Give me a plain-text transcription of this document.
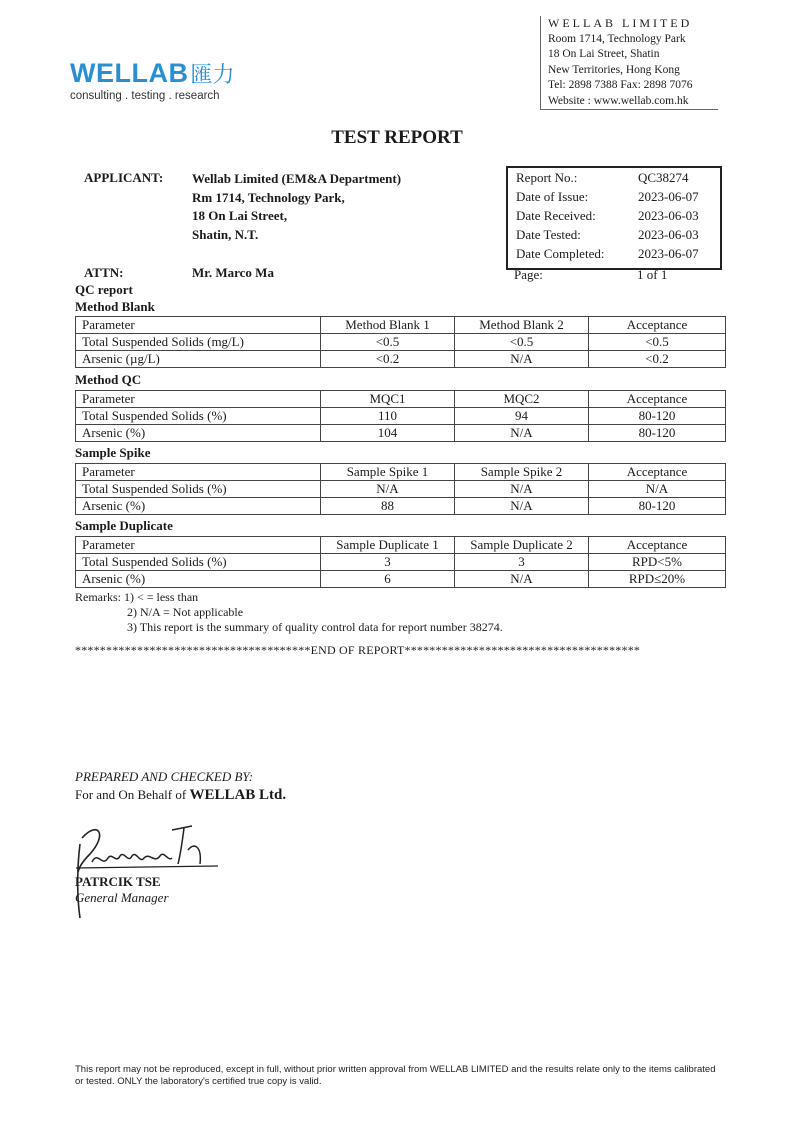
WELLAB匯力
consulting . testing . research
WELLAB LIMITED
Room 1714, Technology Park
18 On Lai Street, Shatin
New Territories, Hong Kong
Tel: 2898 7388 Fax: 2898 7076
Website : www.wellab.com.hk
TEST REPORT
APPLICANT: Wellab Limited (EM&A Department)
Rm 1714, Technology Park,
18 On Lai Street,
Shatin, N.T.
Report No.:	QC38274
Date of Issue:	2023-06-07
Date Received:	2023-06-03
Date Tested:	2023-06-03
Date Completed:	2023-06-07
Page:	1 of 1
ATTN:	Mr. Marco Ma
QC report
Method Blank
Parameter	Method Blank 1	Method Blank 2	Acceptance
Total Suspended Solids (mg/L)	<0.5	<0.5	<0.5
Arsenic (µg/L)	<0.2	N/A	<0.2
Method QC
Parameter	MQC1	MQC2	Acceptance
Total Suspended Solids (%)	110	94	80-120
Arsenic (%)	104	N/A	80-120
Sample Spike
Parameter	Sample Spike 1	Sample Spike 2	Acceptance
Total Suspended Solids (%)	N/A	N/A	N/A
Arsenic (%)	88	N/A	80-120
Sample Duplicate
Parameter	Sample Duplicate 1	Sample Duplicate 2	Acceptance
Total Suspended Solids (%)	3	3	RPD<5%
Arsenic (%)	6	N/A	RPD≤20%
Remarks: 1) < = less than
2) N/A = Not applicable
3) This report is the summary of quality control data for report number 38274.
**************************************END OF REPORT**************************************
PREPARED AND CHECKED BY:
For and On Behalf of WELLAB Ltd.
PATRCIK TSE
General Manager
This report may not be reproduced, except in full, without prior written approval from WELLAB LIMITED and the results relate only to the items calibrated or tested. ONLY the laboratory's certified true copy is valid.
